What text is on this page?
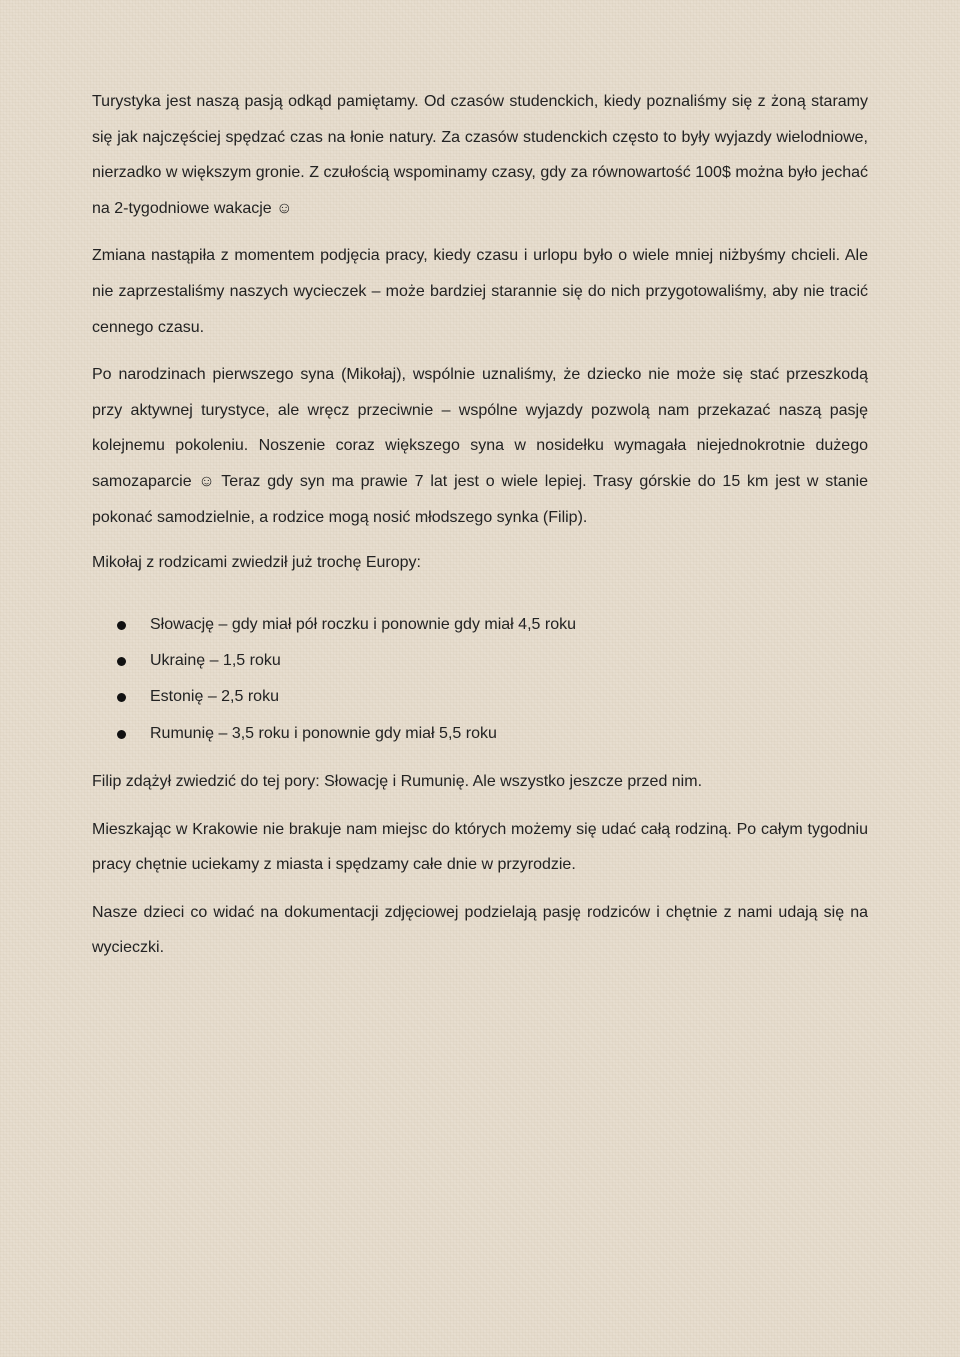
Turystyka jest naszą pasją odkąd pamiętamy. Od czasów studenckich, kiedy poznaliśmy się z żoną staramy się jak najczęściej spędzać czas na łonie natury. Za czasów studenckich często to były wyjazdy wielodniowe, nierzadko w większym gronie. Z czułością wspominamy czasy, gdy za równowartość 100$ można było jechać na 2-tygodniowe wakacje ☺

Zmiana nastąpiła z momentem podjęcia pracy, kiedy czasu i urlopu było o wiele mniej niżbyśmy chcieli. Ale nie zaprzestaliśmy naszych wycieczek – może bardziej starannie się do nich przygotowaliśmy, aby nie tracić cennego czasu.

Po narodzinach pierwszego syna (Mikołaj), wspólnie uznaliśmy, że dziecko nie może się stać przeszkodą przy aktywnej turystyce, ale wręcz przeciwnie – wspólne wyjazdy pozwolą nam przekazać naszą pasję kolejnemu pokoleniu. Noszenie coraz większego syna w nosidełku wymagała niejednokrotnie dużego samozaparcie ☺ Teraz gdy syn ma prawie 7 lat jest o wiele lepiej. Trasy górskie do 15 km jest w stanie pokonać samodzielnie, a rodzice mogą nosić młodszego synka (Filip).

Mikołaj z rodzicami zwiedził już trochę Europy:

Słowację – gdy miał pół roczku i ponownie gdy miał 4,5 roku
Ukrainę – 1,5 roku
Estonię – 2,5 roku
Rumunię – 3,5 roku i ponownie gdy miał 5,5 roku

Filip zdążył zwiedzić do tej pory: Słowację i Rumunię. Ale wszystko jeszcze przed nim.

Mieszkając w Krakowie nie brakuje nam miejsc do których możemy się udać całą rodziną. Po całym tygodniu pracy chętnie uciekamy z miasta i spędzamy całe dnie w przyrodzie.

Nasze dzieci co widać na dokumentacji zdjęciowej podzielają pasję rodziców i chętnie z nami udają się na wycieczki.
